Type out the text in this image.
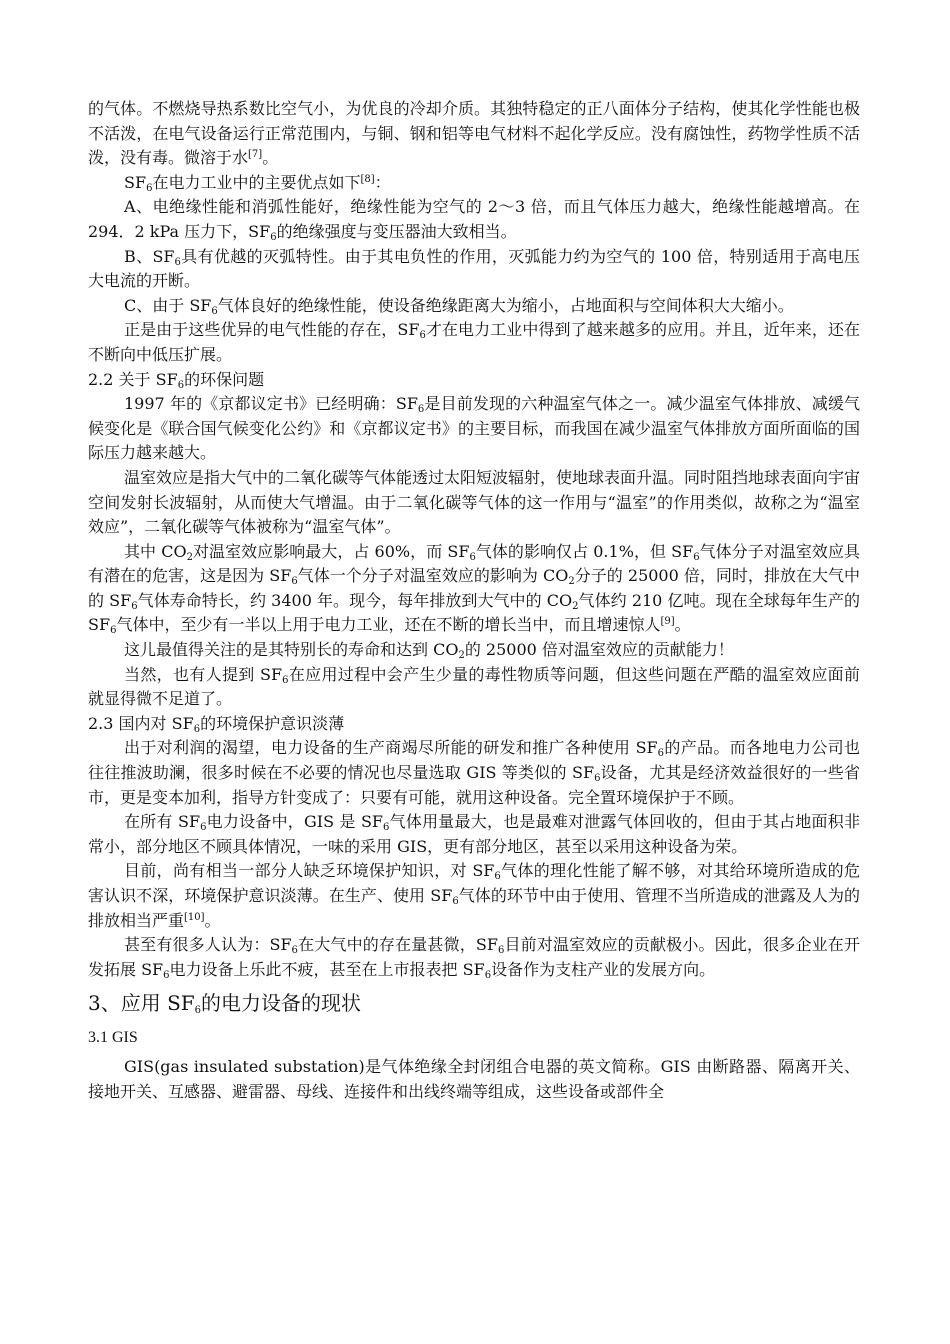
的气体。不燃烧导热系数比空气小，为优良的冷却介质。其独特稳定的正八面体分子结构，使其化学性能也极不活泼，在电气设备运行正常范围内，与铜、钢和铝等电气材料不起化学反应。没有腐蚀性，药物学性质不活泼，没有毒。微溶于水[7]。

$SF_6$在电力工业中的主要优点如下[8]：

A、电绝缘性能和消弧性能好，绝缘性能为空气的 2～3 倍，而且气体压力越大，绝缘性能越增高。在 294．2 kPa 压力下，$SF_6$的绝缘强度与变压器油大致相当。

B、$SF_6$具有优越的灭弧特性。由于其电负性的作用，灭弧能力约为空气的 100 倍，特别适用于高电压大电流的开断。

C、由于 $SF_6$气体良好的绝缘性能，使设备绝缘距离大为缩小，占地面积与空间体积大大缩小。

正是由于这些优异的电气性能的存在，$SF_6$才在电力工业中得到了越来越多的应用。并且，近年来，还在不断向中低压扩展。

2.2 关于 $SF_6$的环保问题

1997 年的《京都议定书》已经明确：$SF_6$是目前发现的六种温室气体之一。减少温室气体排放、减缓气候变化是《联合国气候变化公约》和《京都议定书》的主要目标，而我国在减少温室气体排放方面所面临的国际压力越来越大。

温室效应是指大气中的二氧化碳等气体能透过太阳短波辐射，使地球表面升温。同时阻挡地球表面向宇宙空间发射长波辐射，从而使大气增温。由于二氧化碳等气体的这一作用与“温室”的作用类似，故称之为“温室效应”，二氧化碳等气体被称为“温室气体”。

其中 $CO_2$对温室效应影响最大，占 60%，而 $SF_6$气体的影响仅占 0.1%，但 $SF_6$气体分子对温室效应具有潜在的危害，这是因为 $SF_6$气体一个分子对温室效应的影响为 $CO_2$分子的 25000 倍，同时，排放在大气中的 $SF_6$气体寿命特长，约 3400 年。现今，每年排放到大气中的 $CO_2$气体约 210 亿吨。现在全球每年生产的 $SF_6$气体中，至少有一半以上用于电力工业，还在不断的增长当中，而且增速惊人[9]。

这儿最值得关注的是其特别长的寿命和达到 $CO_2$的 25000 倍对温室效应的贡献能力！

当然，也有人提到 $SF_6$在应用过程中会产生少量的毒性物质等问题，但这些问题在严酷的温室效应面前就显得微不足道了。

2.3 国内对 $SF_6$的环境保护意识淡薄

出于对利润的渴望，电力设备的生产商竭尽所能的研发和推广各种使用 $SF_6$的产品。而各地电力公司也往往推波助澜，很多时候在不必要的情况也尽量选取 GIS 等类似的 $SF_6$设备，尤其是经济效益很好的一些省市，更是变本加利，指导方针变成了：只要有可能，就用这种设备。完全置环境保护于不顾。

在所有 $SF_6$电力设备中，GIS 是 $SF_6$气体用量最大，也是最难对泄露气体回收的，但由于其占地面积非常小，部分地区不顾具体情况，一味的采用 GIS，更有部分地区，甚至以采用这种设备为荣。

目前，尚有相当一部分人缺乏环境保护知识，对 $SF_6$气体的理化性能了解不够，对其给环境所造成的危害认识不深，环境保护意识淡薄。在生产、使用 $SF_6$气体的环节中由于使用、管理不当所造成的泄露及人为的排放相当严重[10]。

甚至有很多人认为：$SF_6$在大气中的存在量甚微，$SF_6$目前对温室效应的贡献极小。因此，很多企业在开发拓展 $SF_6$电力设备上乐此不疲，甚至在上市报表把 $SF_6$设备作为支柱产业的发展方向。

3、应用 $SF_6$的电力设备的现状

3.1 GIS

GIS(gas insulated substation)是气体绝缘全封闭组合电器的英文简称。GIS 由断路器、隔离开关、接地开关、互感器、避雷器、母线、连接件和出线终端等组成，这些设备或部件全
